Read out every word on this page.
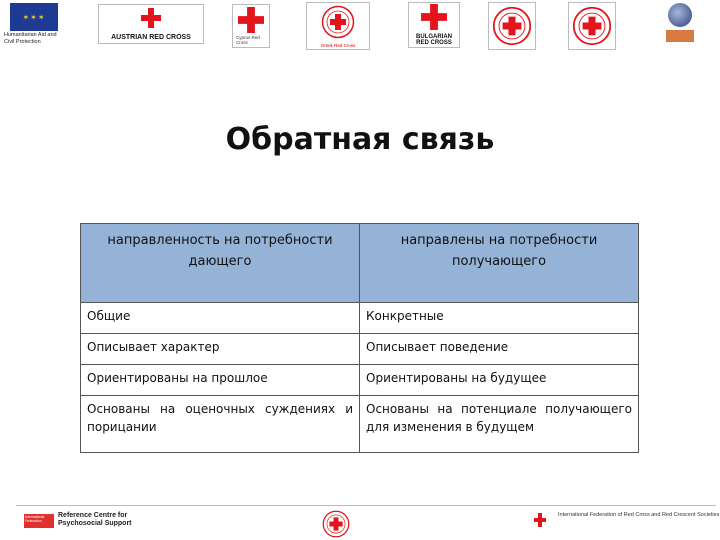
✶✶✶
Humanitarian Aid and Civil Protection
AUSTRIAN RED CROSS	Cyprus Red Cross
Greek Red Cross
BULGARIAN RED CROSS
Обратная связь
направленность на потребности дающего	направлены на потребности получающего
Общие	Конкретные
Описывает характер	Описывает поведение
Ориентированы на прошлое	Ориентированы на будущее
Основаны на оценочных суждениях и порицании	Основаны на потенциале получающего для изменения в будущем
International Federation
Reference Centre for Psychosocial Support
International Federation of Red Cross and Red Crescent Societies
